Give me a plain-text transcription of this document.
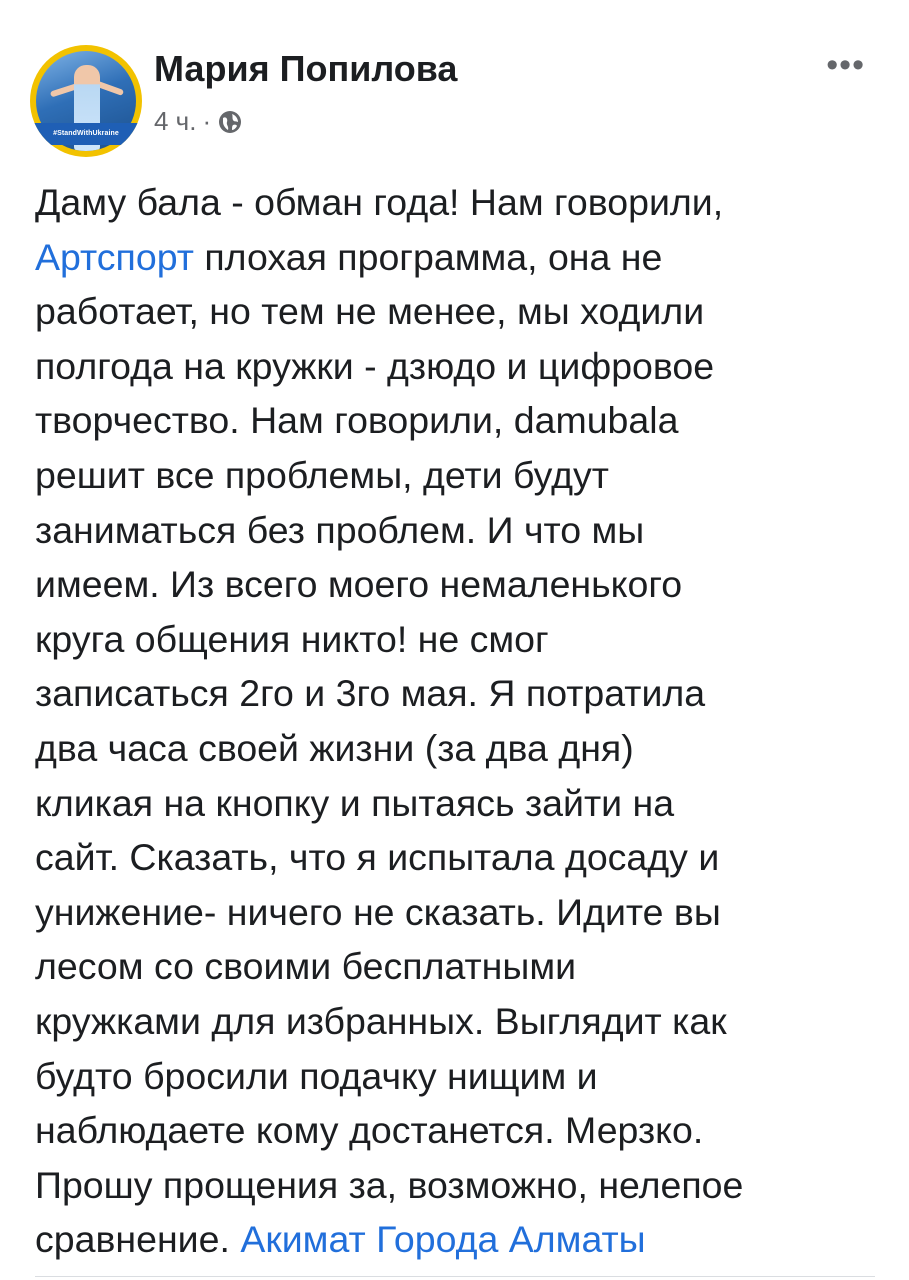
#StandWithUkraine
Мария Попилова
4 ч. ·
•••
Даму бала - обман года! Нам говорили,
Артспорт плохая программа, она не
работает, но тем не менее, мы ходили
полгода на кружки - дзюдо и цифровое
творчество. Нам говорили, damubala
решит все проблемы, дети будут
заниматься без проблем. И что мы
имеем. Из всего моего немаленького
круга общения никто! не смог
записаться 2го и 3го мая. Я потратила
два часа своей жизни (за два дня)
кликая на кнопку и пытаясь зайти на
сайт. Сказать, что я испытала досаду и
унижение- ничего не сказать. Идите вы
лесом со своими бесплатными
кружками для избранных. Выглядит как
будто бросили подачку нищим и
наблюдаете кому достанется. Мерзко.
Прошу прощения за, возможно, нелепое
сравнение. Акимат Города Алматы
